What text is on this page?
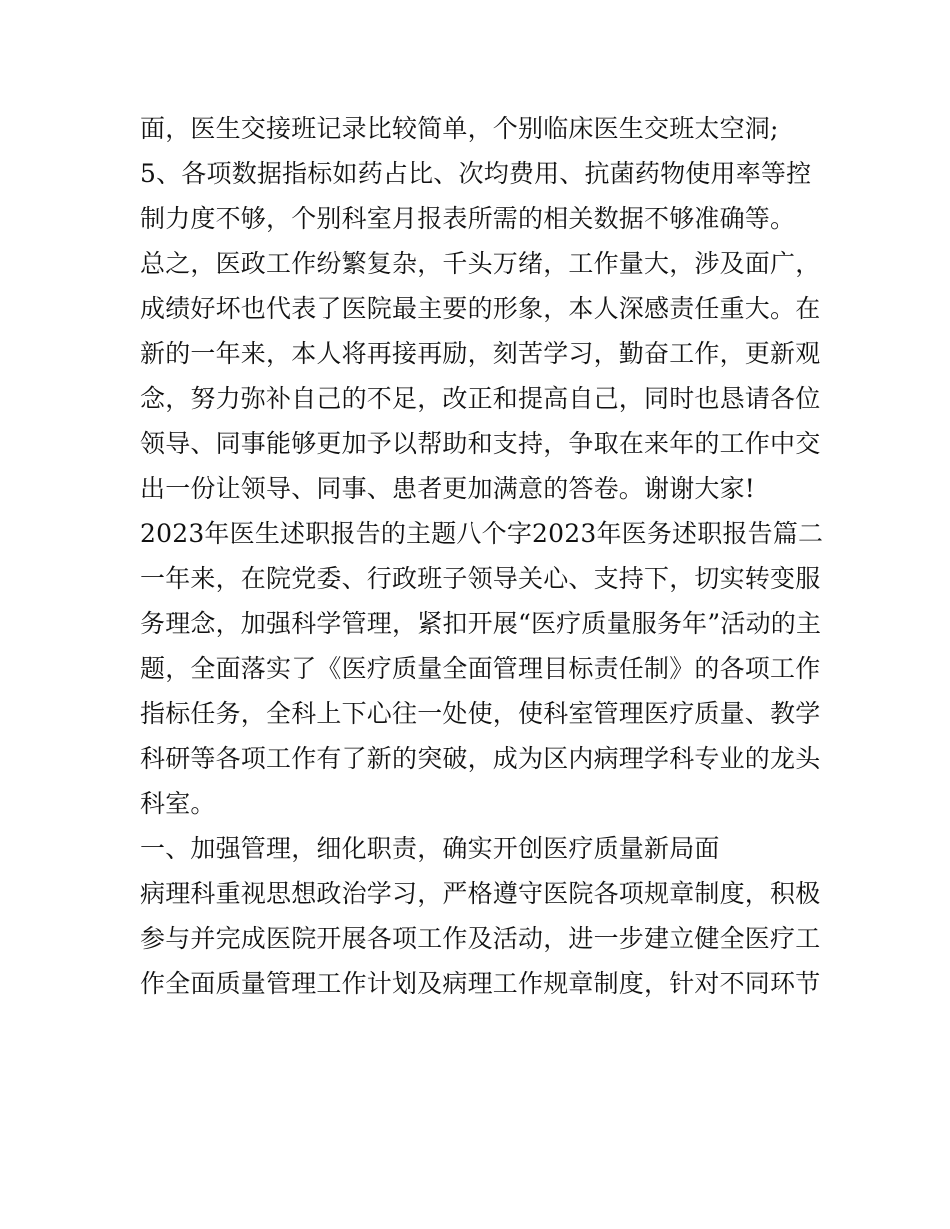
面，医生交接班记录比较简单，个别临床医生交班太空洞;

5、各项数据指标如药占比、次均费用、抗菌药物使用率等控

制力度不够，个别科室月报表所需的相关数据不够准确等。

总之，医政工作纷繁复杂，千头万绪，工作量大，涉及面广，

成绩好坏也代表了医院最主要的形象，本人深感责任重大。在

新的一年来，本人将再接再励，刻苦学习，勤奋工作，更新观

念，努力弥补自己的不足，改正和提高自己，同时也恳请各位

领导、同事能够更加予以帮助和支持，争取在来年的工作中交

出一份让领导、同事、患者更加满意的答卷。谢谢大家!

2023年医生述职报告的主题八个字2023年医务述职报告篇二

一年来，在院党委、行政班子领导关心、支持下，切实转变服

务理念，加强科学管理，紧扣开展“医疗质量服务年”活动的主

题，全面落实了《医疗质量全面管理目标责任制》的各项工作

指标任务，全科上下心往一处使，使科室管理医疗质量、教学

科研等各项工作有了新的突破，成为区内病理学科专业的龙头

科室。

一、加强管理，细化职责，确实开创医疗质量新局面

病理科重视思想政治学习，严格遵守医院各项规章制度，积极

参与并完成医院开展各项工作及活动，进一步建立健全医疗工

作全面质量管理工作计划及病理工作规章制度，针对不同环节
